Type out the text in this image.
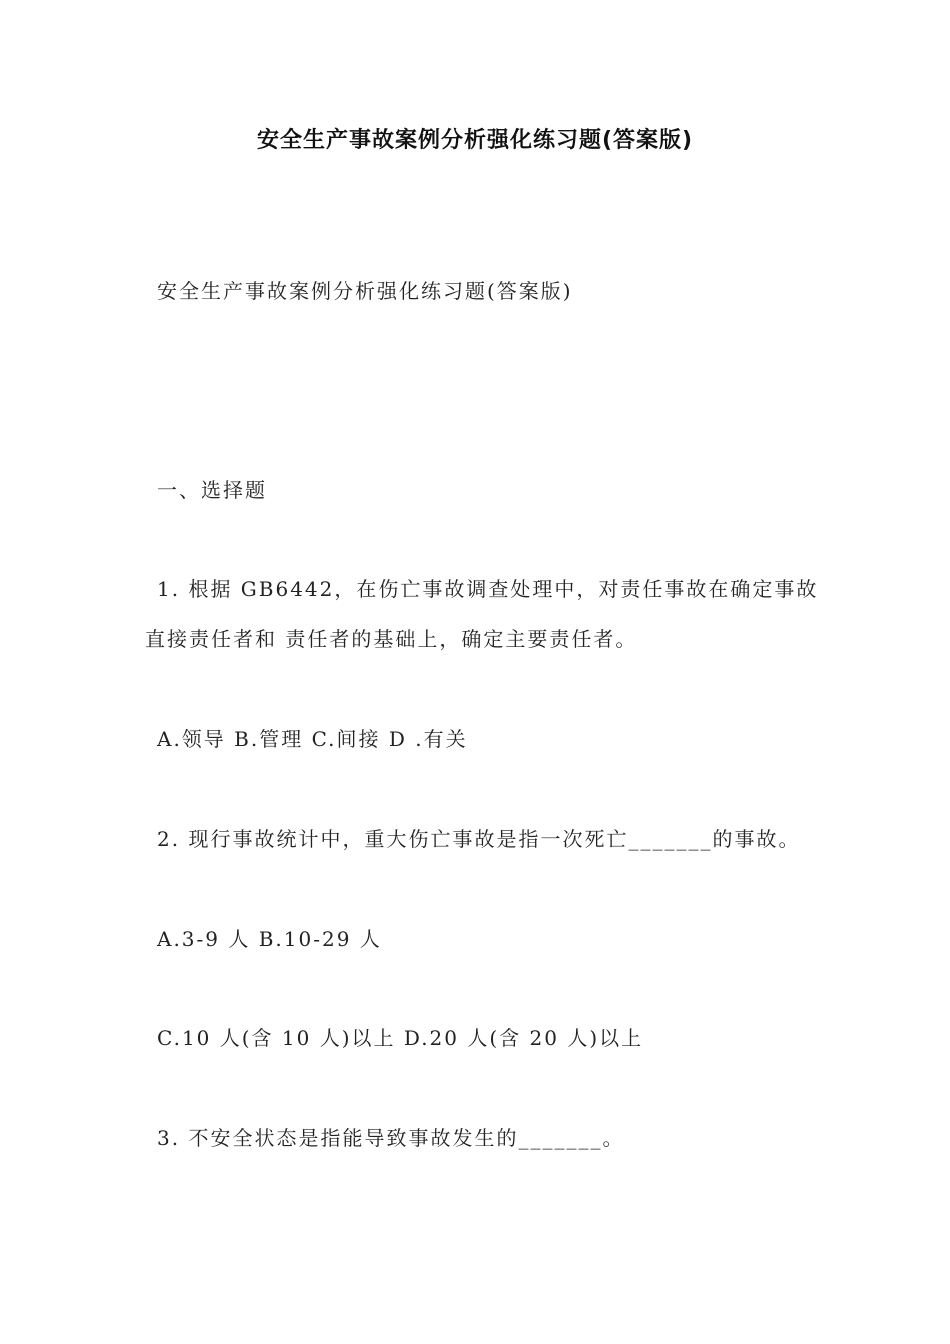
安全生产事故案例分析强化练习题(答案版)
安全生产事故案例分析强化练习题(答案版)
一、选择题
1. 根据 GB6442，在伤亡事故调查处理中，对责任事故在确定事故
直接责任者和 责任者的基础上，确定主要责任者。
A.领导 B.管理 C.间接 D .有关
2. 现行事故统计中，重大伤亡事故是指一次死亡_______的事故。
A.3-9 人 B.10-29 人
C.10 人(含 10 人)以上 D.20 人(含 20 人)以上
3. 不安全状态是指能导致事故发生的_______。
